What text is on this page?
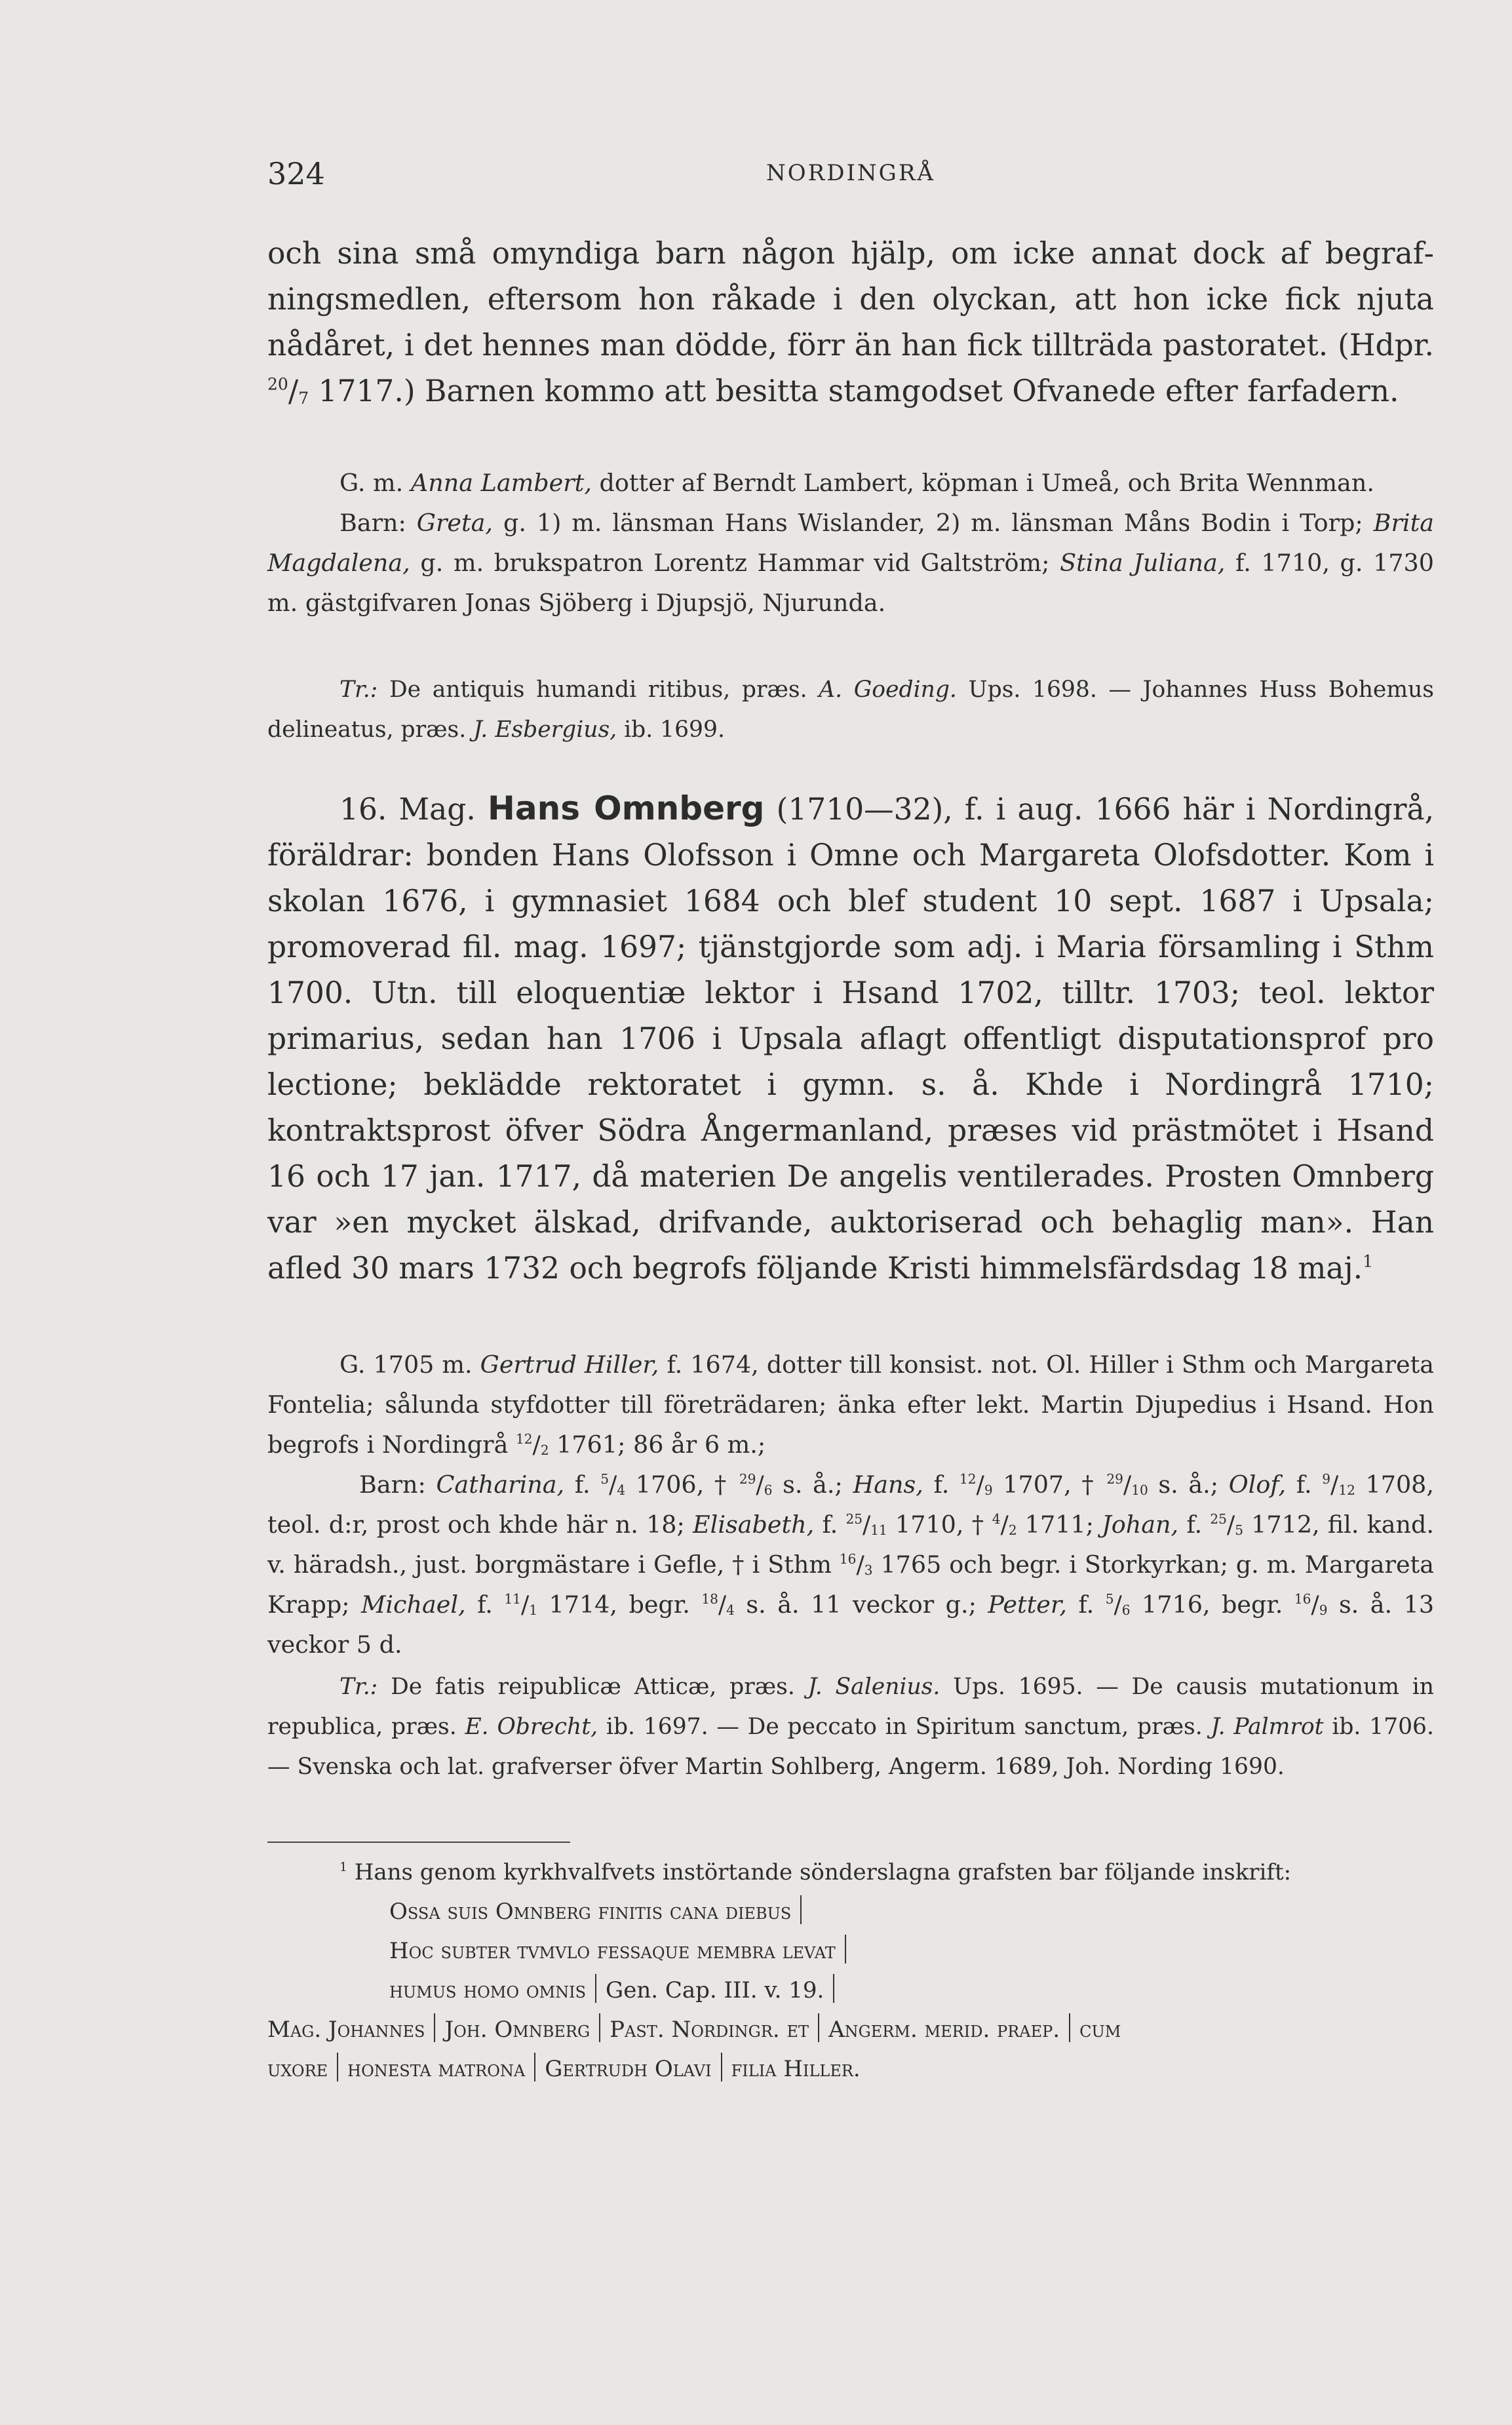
324	NORDINGRÅ

och sina små omyndiga barn någon hjälp, om icke annat dock af begrafningsmedlen, eftersom hon råkade i den olyckan, att hon icke fick njuta nådåret, i det hennes man dödde, förr än han fick tillträda pastoratet. (Hdpr. $^{20}/_7$ 1717.) Barnen kommo att besitta stamgodset Ofvanede efter farfadern.

G. m. Anna Lambert, dotter af Berndt Lambert, köpman i Umeå, och Brita Wennman.

Barn: Greta, g. 1) m. länsman Hans Wislander, 2) m. länsman Måns Bodin i Torp; Brita Magdalena, g. m. brukspatron Lorentz Hammar vid Galtström; Stina Juliana, f. 1710, g. 1730 m. gästgifvaren Jonas Sjöberg i Djupsjö, Njurunda.

Tr.: De antiquis humandi ritibus, præs. A. Goeding. Ups. 1698. — Johannes Huss Bohemus delineatus, præs. J. Esbergius, ib. 1699.

16. Mag. Hans Omnberg (1710—32), f. i aug. 1666 här i Nordingrå, föräldrar: bonden Hans Olofsson i Omne och Margareta Olofsdotter. Kom i skolan 1676, i gymnasiet 1684 och blef student 10 sept. 1687 i Upsala; promoverad fil. mag. 1697; tjänstgjorde som adj. i Maria församling i Sthm 1700. Utn. till eloquentiæ lektor i Hsand 1702, tilltr. 1703; teol. lektor primarius, sedan han 1706 i Upsala aflagt offentligt disputationsprof pro lectione; beklädde rektoratet i gymn. s. å. Khde i Nordingrå 1710; kontraktsprost öfver Södra Ångermanland, præses vid prästmötet i Hsand 16 och 17 jan. 1717, då materien De angelis ventilerades. Prosten Omnberg var »en mycket älskad, drifvande, auktoriserad och behaglig man». Han afled 30 mars 1732 och begrofs följande Kristi himmelsfärdsdag 18 maj.$^1$

G. 1705 m. Gertrud Hiller, f. 1674, dotter till konsist. not. Ol. Hiller i Sthm och Margareta Fontelia; sålunda styfdotter till företrädaren; änka efter lekt. Martin Djupedius i Hsand. Hon begrofs i Nordingrå $^{12}/_2$ 1761; 86 år 6 m.;

Barn: Catharina, f. $^5/_4$ 1706, † $^{29}/_6$ s. å.; Hans, f. $^{12}/_9$ 1707, † $^{29}/_{10}$ s. å.; Olof, f. $^9/_{12}$ 1708, teol. d:r, prost och khde här n. 18; Elisabeth, f. $^{25}/_{11}$ 1710, † $^4/_2$ 1711; Johan, f. $^{25}/_5$ 1712, fil. kand. v. häradsh., just. borgmästare i Gefle, † i Sthm $^{16}/_3$ 1765 och begr. i Storkyrkan; g. m. Margareta Krapp; Michael, f. $^{11}/_1$ 1714, begr. $^{18}/_4$ s. å. 11 veckor g.; Petter, f. $^5/_6$ 1716, begr. $^{16}/_9$ s. å. 13 veckor 5 d.

Tr.: De fatis reipublicæ Atticæ, præs. J. Salenius. Ups. 1695. — De causis mutationum in republica, præs. E. Obrecht, ib. 1697. — De peccato in Spiritum sanctum, præs. J. Palmrot ib. 1706. — Svenska och lat. grafverser öfver Martin Sohlberg, Angerm. 1689, Joh. Nording 1690.

$^1$ Hans genom kyrkhvalfvets instörtande sönderslagna grafsten bar följande inskrift:

Ossa suis Omnberg finitis cana diebus

Hoc subter tvmvlo fessaque membra levat

humus homo omnis Gen. Cap. III. v. 19.

Mag. Johannes Joh. Omnberg Past. Nordingr. et Angerm. merid. praep. cum

uxore honesta matrona Gertrudh Olavi filia Hiller.
